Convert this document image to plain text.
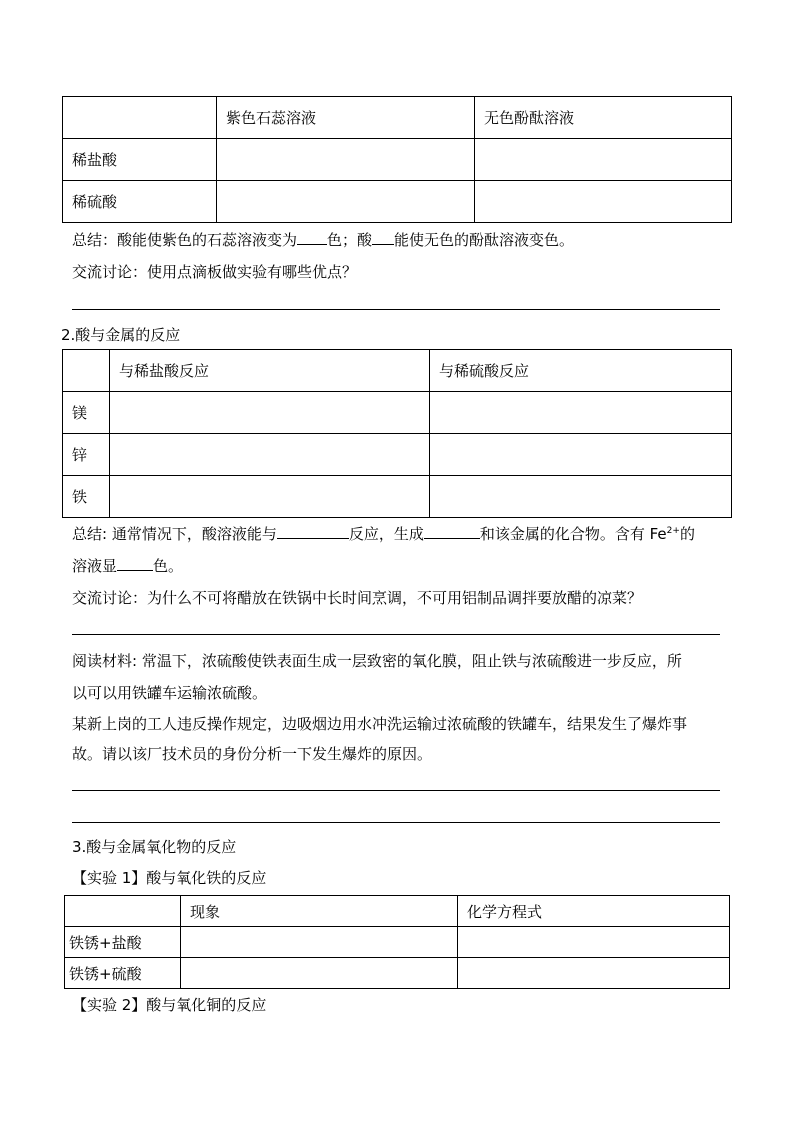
	紫色石蕊溶液	无色酚酞溶液
稀盐酸		
稀硫酸		
总结：酸能使紫色的石蕊溶液变为 色；酸 能使无色的酚酞溶液变色。
交流讨论：使用点滴板做实验有哪些优点？
2.酸与金属的反应
	与稀盐酸反应	与稀硫酸反应
镁		
锌		
铁		
总结: 通常情况下，酸溶液能与	反应，生成	和该金属的化合物。含有 $Fe^{2+}$的
溶液显 色。
交流讨论：为什么不可将醋放在铁锅中长时间烹调，不可用铝制品调拌要放醋的凉菜？
阅读材料: 常温下，浓硫酸使铁表面生成一层致密的氧化膜，阻止铁与浓硫酸进一步反应，所
以可以用铁罐车运输浓硫酸。
某新上岗的工人违反操作规定，边吸烟边用水冲洗运输过浓硫酸的铁罐车，结果发生了爆炸事
故。请以该厂技术员的身份分析一下发生爆炸的原因。
3.酸与金属氧化物的反应
【实验 1】酸与氧化铁的反应
	现象	化学方程式
铁锈+盐酸		
铁锈+硫酸		
【实验 2】酸与氧化铜的反应
